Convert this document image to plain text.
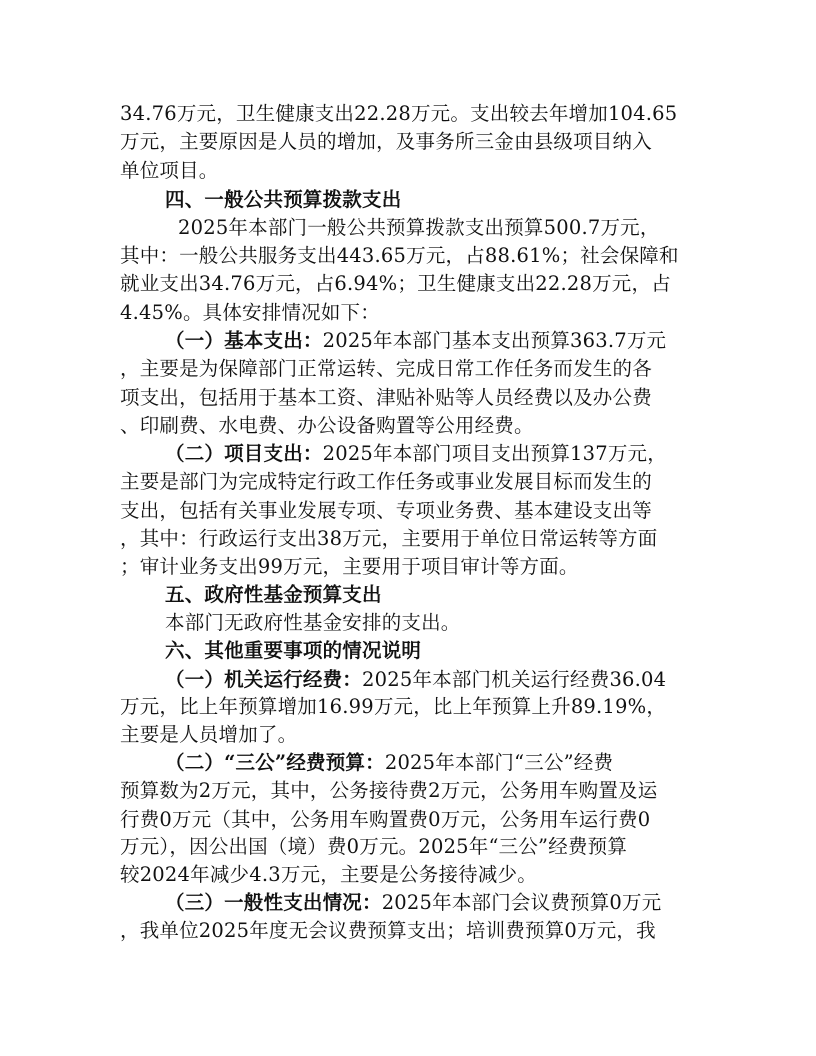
34.76万元，卫生健康支出22.28万元。支出较去年增加104.65
万元，主要原因是人员的增加，及事务所三金由县级项目纳入
单位项目。
四、一般公共预算拨款支出
2025年本部门一般公共预算拨款支出预算500.7万元，
其中：一般公共服务支出443.65万元，占88.61%；社会保障和
就业支出34.76万元，占6.94%；卫生健康支出22.28万元，占
4.45%。具体安排情况如下：
（一）基本支出：2025年本部门基本支出预算363.7万元
，主要是为保障部门正常运转、完成日常工作任务而发生的各
项支出，包括用于基本工资、津贴补贴等人员经费以及办公费
、印刷费、水电费、办公设备购置等公用经费。
（二）项目支出：2025年本部门项目支出预算137万元，
主要是部门为完成特定行政工作任务或事业发展目标而发生的
支出，包括有关事业发展专项、专项业务费、基本建设支出等
，其中：行政运行支出38万元，主要用于单位日常运转等方面
；审计业务支出99万元，主要用于项目审计等方面。
五、政府性基金预算支出
本部门无政府性基金安排的支出。
六、其他重要事项的情况说明
（一）机关运行经费：2025年本部门机关运行经费36.04
万元，比上年预算增加16.99万元，比上年预算上升89.19%，
主要是人员增加了。
（二）“三公”经费预算：2025年本部门“三公”经费
预算数为2万元，其中，公务接待费2万元，公务用车购置及运
行费0万元（其中，公务用车购置费0万元，公务用车运行费0
万元），因公出国（境）费0万元。2025年“三公”经费预算
较2024年减少4.3万元，主要是公务接待减少。
（三）一般性支出情况：2025年本部门会议费预算0万元
，我单位2025年度无会议费预算支出；培训费预算0万元，我
